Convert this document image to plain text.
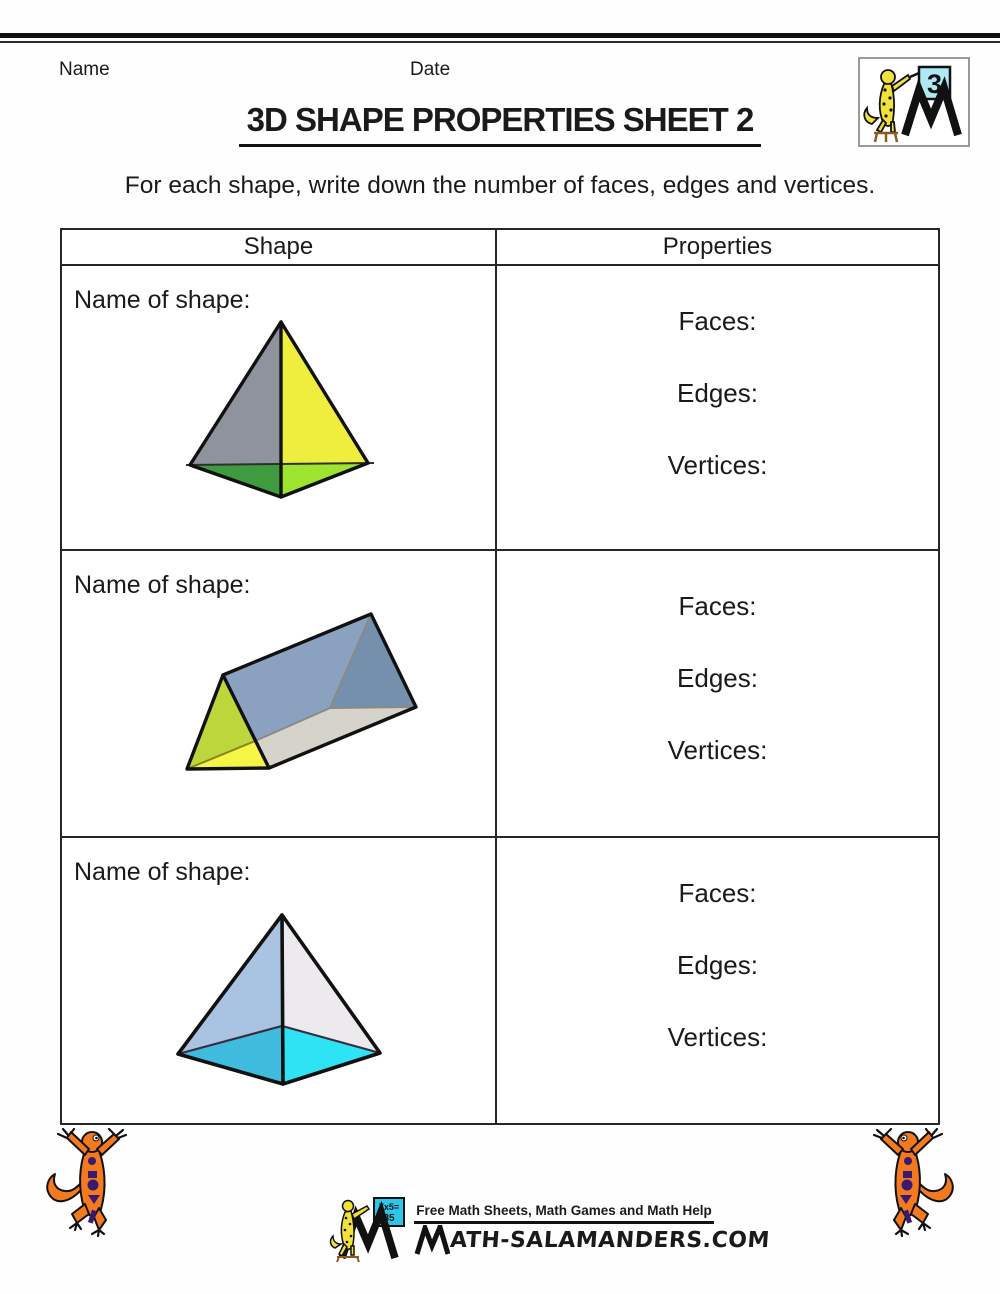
Name	Date	3
3D SHAPE PROPERTIES SHEET 2
For each shape, write down the number of faces, edges and vertices.
Shape	Properties
Name of shape:
Faces:
Edges:
Vertices:
Name of shape:
Faces:
Edges:
Vertices:
Name of shape:
Faces:
Edges:
Vertices:
7x5=
35
Free Math Sheets, Math Games and Math Help
ATH-SALAMANDERS.COM
